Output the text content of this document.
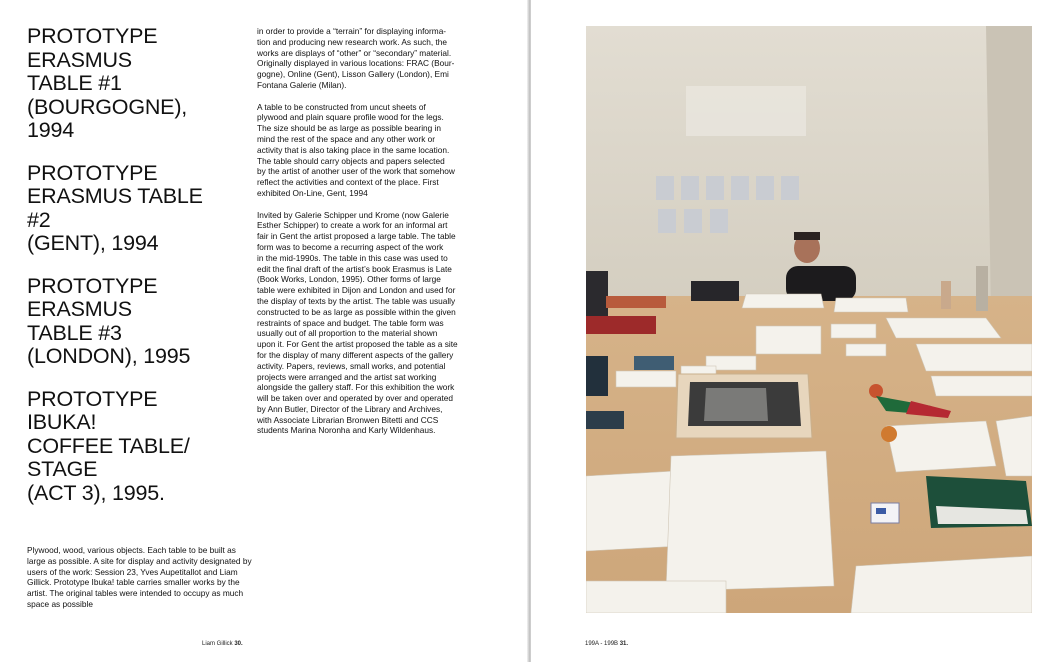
PROTOTYPE
ERASMUS
TABLE #1
(BOURGOGNE),
1994
PROTOTYPE
ERASMUS TABLE
#2
(GENT), 1994
PROTOTYPE
ERASMUS
TABLE #3
(LONDON), 1995
PROTOTYPE
IBUKA!
COFFEE TABLE/
STAGE
(ACT 3), 1995.

Plywood, wood, various objects. Each table to be built as large as possible. A site for display and activity designated by users of the work: Session 23, Yves Aupetitallot and Liam Gillick. Prototype Ibuka! table carries smaller works by the artist. The original tables were intended to occupy as much space as possible

in order to provide a “terrain” for displaying informa-
tion and producing new research work. As such, the
works are displays of “other” or “secondary” material.
Originally displayed in various locations: FRAC (Bour-
gogne), Online (Gent), Lisson Gallery (London), Emi
Fontana Galerie (Milan).

A table to be constructed from uncut sheets of
plywood and plain square profile wood for the legs.
The size should be as large as possible bearing in
mind the rest of the space and any other work or
activity that is also taking place in the same location.
The table should carry objects and papers selected
by the artist of another user of the work that somehow
reflect the activities and context of the place. First
exhibited On-Line, Gent, 1994

Invited by Galerie Schipper und Krome (now Galerie
Esther Schipper) to create a work for an informal art
fair in Gent the artist proposed a large table. The table
form was to become a recurring aspect of the work
in the mid-1990s. The table in this case was used to
edit the final draft of the artist’s book Erasmus is Late
(Book Works, London, 1995). Other forms of large
table were exhibited in Dijon and London and used for
the display of texts by the artist. The table was usually
constructed to be as large as possible within the given
restraints of space and budget. The table form was
usually out of all proportion to the material shown
upon it. For Gent the artist proposed the table as a site
for the display of many different aspects of the gallery
activity. Papers, reviews, small works, and potential
projects were arranged and the artist sat working
alongside the gallery staff. For this exhibition the work
will be taken over and operated by over and operated
by Ann Butler, Director of the Library and Archives,
with Associate Librarian Bronwen Bitetti and CCS
students Marina Noronha and Karly Wildenhaus.

Liam Gillick 30.	199A - 199B 31.
